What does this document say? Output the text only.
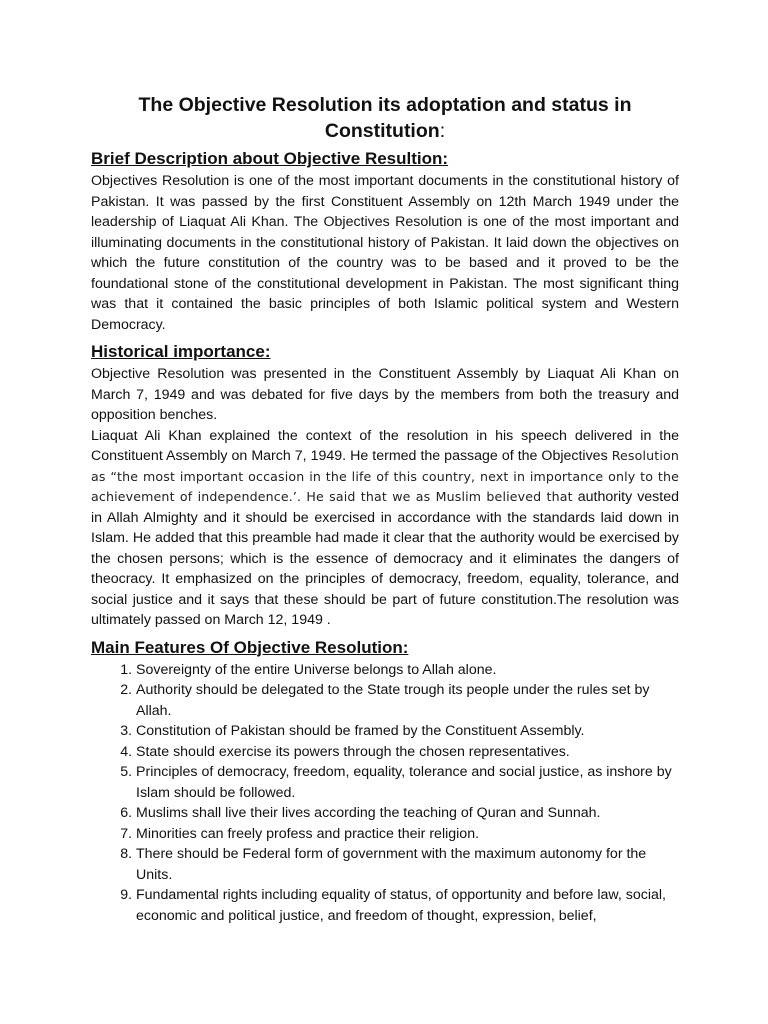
The Objective Resolution its adoptation and status in Constitution:
Brief Description about Objective Resultion:

Objectives Resolution is one of the most important documents in the constitutional history of Pakistan. It was passed by the first Constituent Assembly on 12th March 1949 under the leadership of Liaquat Ali Khan. The Objectives Resolution is one of the most important and illuminating documents in the constitutional history of Pakistan. It laid down the objectives on which the future constitution of the country was to be based and it proved to be the foundational stone of the constitutional development in Pakistan. The most significant thing was that it contained the basic principles of both Islamic political system and Western Democracy.

Historical importance:

Objective Resolution was presented in the Constituent Assembly by Liaquat Ali Khan on March 7, 1949 and was debated for five days by the members from both the treasury and opposition benches.

Liaquat Ali Khan explained the context of the resolution in his speech delivered in the Constituent Assembly on March 7, 1949. He termed the passage of the Objectives Resolution as “the most important occasion in the life of this country, next in importance only to the achievement of independence.’. He said that we as Muslim believed that authority vested in Allah Almighty and it should be exercised in accordance with the standards laid down in Islam. He added that this preamble had made it clear that the authority would be exercised by the chosen persons; which is the essence of democracy and it eliminates the dangers of theocracy. It emphasized on the principles of democracy, freedom, equality, tolerance, and social justice and it says that these should be part of future constitution.The resolution was ultimately passed on March 12, 1949 .

Main Features Of Objective Resolution:
1. Sovereignty of the entire Universe belongs to Allah alone.
2. Authority should be delegated to the State trough its people under the rules set by Allah.
3. Constitution of Pakistan should be framed by the Constituent Assembly.
4. State should exercise its powers through the chosen representatives.
5. Principles of democracy, freedom, equality, tolerance and social justice, as inshore by Islam should be followed.
6. Muslims shall live their lives according the teaching of Quran and Sunnah.
7. Minorities can freely profess and practice their religion.
8. There should be Federal form of government with the maximum autonomy for the Units.
9. Fundamental rights including equality of status, of opportunity and before law, social, economic and political justice, and freedom of thought, expression, belief,
